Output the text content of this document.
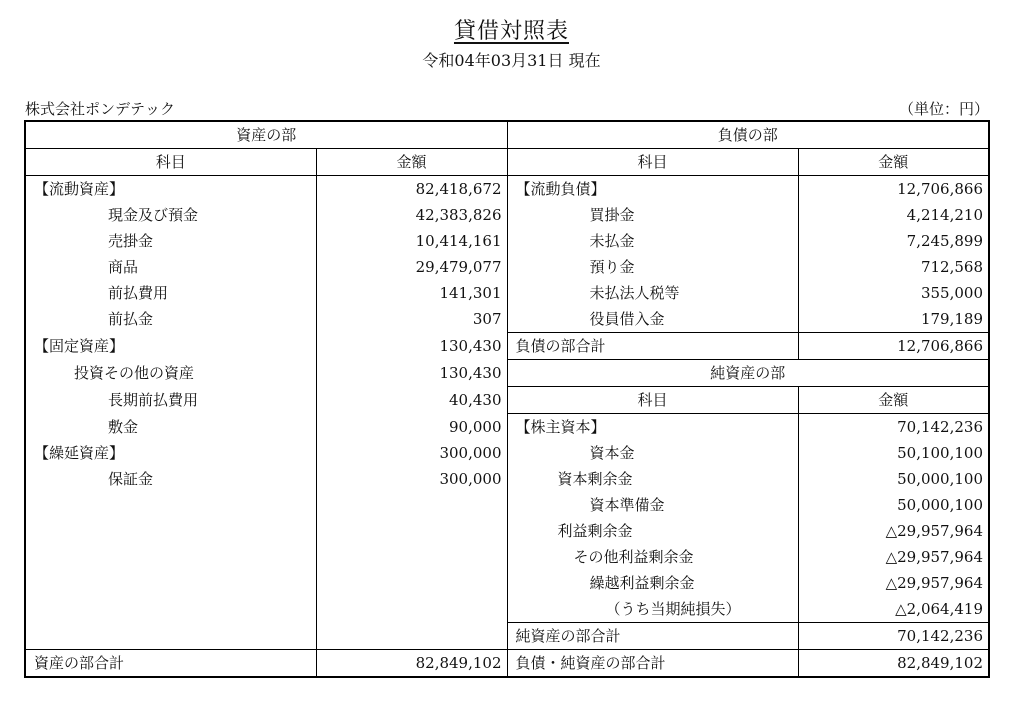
貸借対照表
令和04年03月31日 現在
株式会社ポンデテック	（単位：円）
資産の部		負債の部	
科目	金額	科目	金額
【流動資産】	82,418,672	【流動負債】	12,706,866
現金及び預金	42,383,826	買掛金	4,214,210
売掛金	10,414,161	未払金	7,245,899
商品	29,479,077	預り金	712,568
前払費用	141,301	未払法人税等	355,000
前払金	307	役員借入金	179,189
【固定資産】	130,430	負債の部合計	12,706,866
投資その他の資産	130,430	純資産の部	
長期前払費用	40,430	科目	金額
敷金	90,000	【株主資本】	70,142,236
【繰延資産】	300,000	資本金	50,100,100
保証金	300,000	資本剰余金	50,000,100
		資本準備金	50,000,100
		利益剰余金	△29,957,964
		その他利益剰余金	△29,957,964
		繰越利益剰余金	△29,957,964
		（うち当期純損失）	△2,064,419
		純資産の部合計	70,142,236
資産の部合計	82,849,102	負債・純資産の部合計	82,849,102
